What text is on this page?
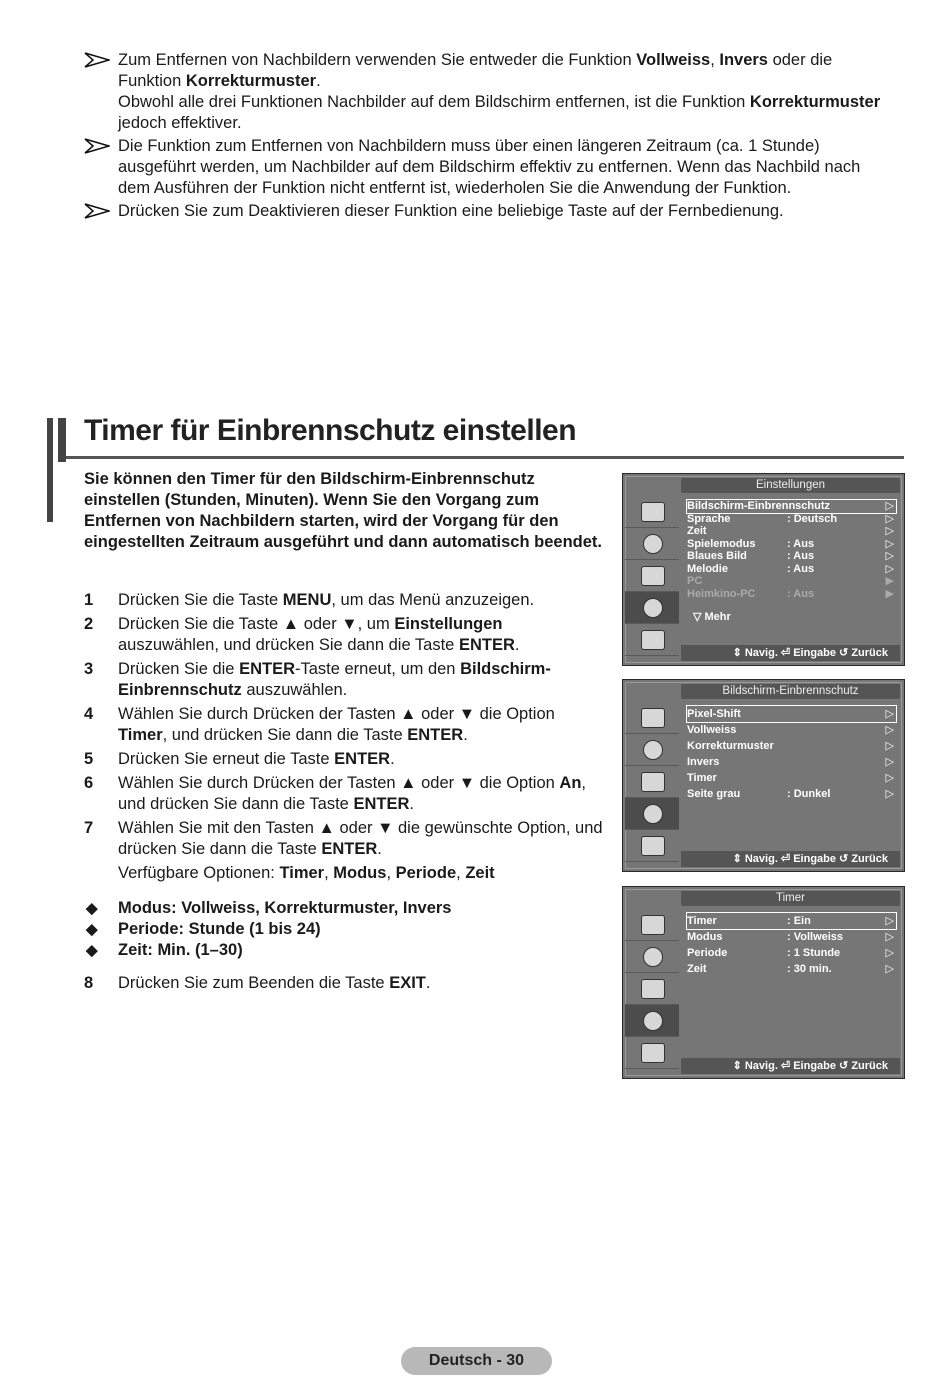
Zum Entfernen von Nachbildern verwenden Sie entweder die Funktion Vollweiss, Invers oder die Funktion Korrekturmuster.

Obwohl alle drei Funktionen Nachbilder auf dem Bildschirm entfernen, ist die Funktion Korrekturmuster jedoch effektiver.

Die Funktion zum Entfernen von Nachbildern muss über einen längeren Zeitraum (ca. 1 Stunde) ausgeführt werden, um Nachbilder auf dem Bildschirm effektiv zu entfernen. Wenn das Nachbild nach dem Ausführen der Funktion nicht entfernt ist, wiederholen Sie die Anwendung der Funktion.

Drücken Sie zum Deaktivieren dieser Funktion eine beliebige Taste auf der Fernbedienung.

Timer für Einbrennschutz einstellen
Sie können den Timer für den Bildschirm-Einbrennschutz einstellen (Stunden, Minuten). Wenn Sie den Vorgang zum Entfernen von Nachbildern starten, wird der Vorgang für den eingestellten Zeitraum ausgeführt und dann automatisch beendet.
1 Drücken Sie die Taste MENU, um das Menü anzuzeigen.
2 Drücken Sie die Taste ▲ oder ▼, um Einstellungen auszuwählen, und drücken Sie dann die Taste ENTER.
3 Drücken Sie die ENTER-Taste erneut, um den Bildschirm-Einbrennschutz auszuwählen.
4 Wählen Sie durch Drücken der Tasten ▲ oder ▼ die Option Timer, und drücken Sie dann die Taste ENTER.
5 Drücken Sie erneut die Taste ENTER.
6 Wählen Sie durch Drücken der Tasten ▲ oder ▼ die Option An, und drücken Sie dann die Taste ENTER.
7 Wählen Sie mit den Tasten ▲ oder ▼ die gewünschte Option, und drücken Sie dann die Taste ENTER.
Verfügbare Optionen: Timer, Modus, Periode, Zeit
◆ Modus: Vollweiss, Korrekturmuster, Invers
◆ Periode: Stunde (1 bis 24)
◆ Zeit: Min. (1–30)
8 Drücken Sie zum Beenden die Taste EXIT.
Einstellungen
Bildschirm-Einbrennschutz	▷
Sprache	: Deutsch	▷
Zeit	▷
Spielemodus	: Aus	▷
Blaues Bild	: Aus	▷
Melodie	: Aus	▷
PC	▶
Heimkino-PC	: Aus	▶
▽ Mehr
⇕ Navig. ⏎ Eingabe ↺ Zurück
Bildschirm-Einbrennschutz
Pixel-Shift	▷
Vollweiss	▷
Korrekturmuster	▷
Invers	▷
Timer	▷
Seite grau	: Dunkel	▷
⇕ Navig. ⏎ Eingabe ↺ Zurück
Timer
Timer	: Ein	▷
Modus	: Vollweiss	▷
Periode	: 1 Stunde	▷
Zeit	: 30 min.	▷
⇕ Navig. ⏎ Eingabe ↺ Zurück
Deutsch - 30
